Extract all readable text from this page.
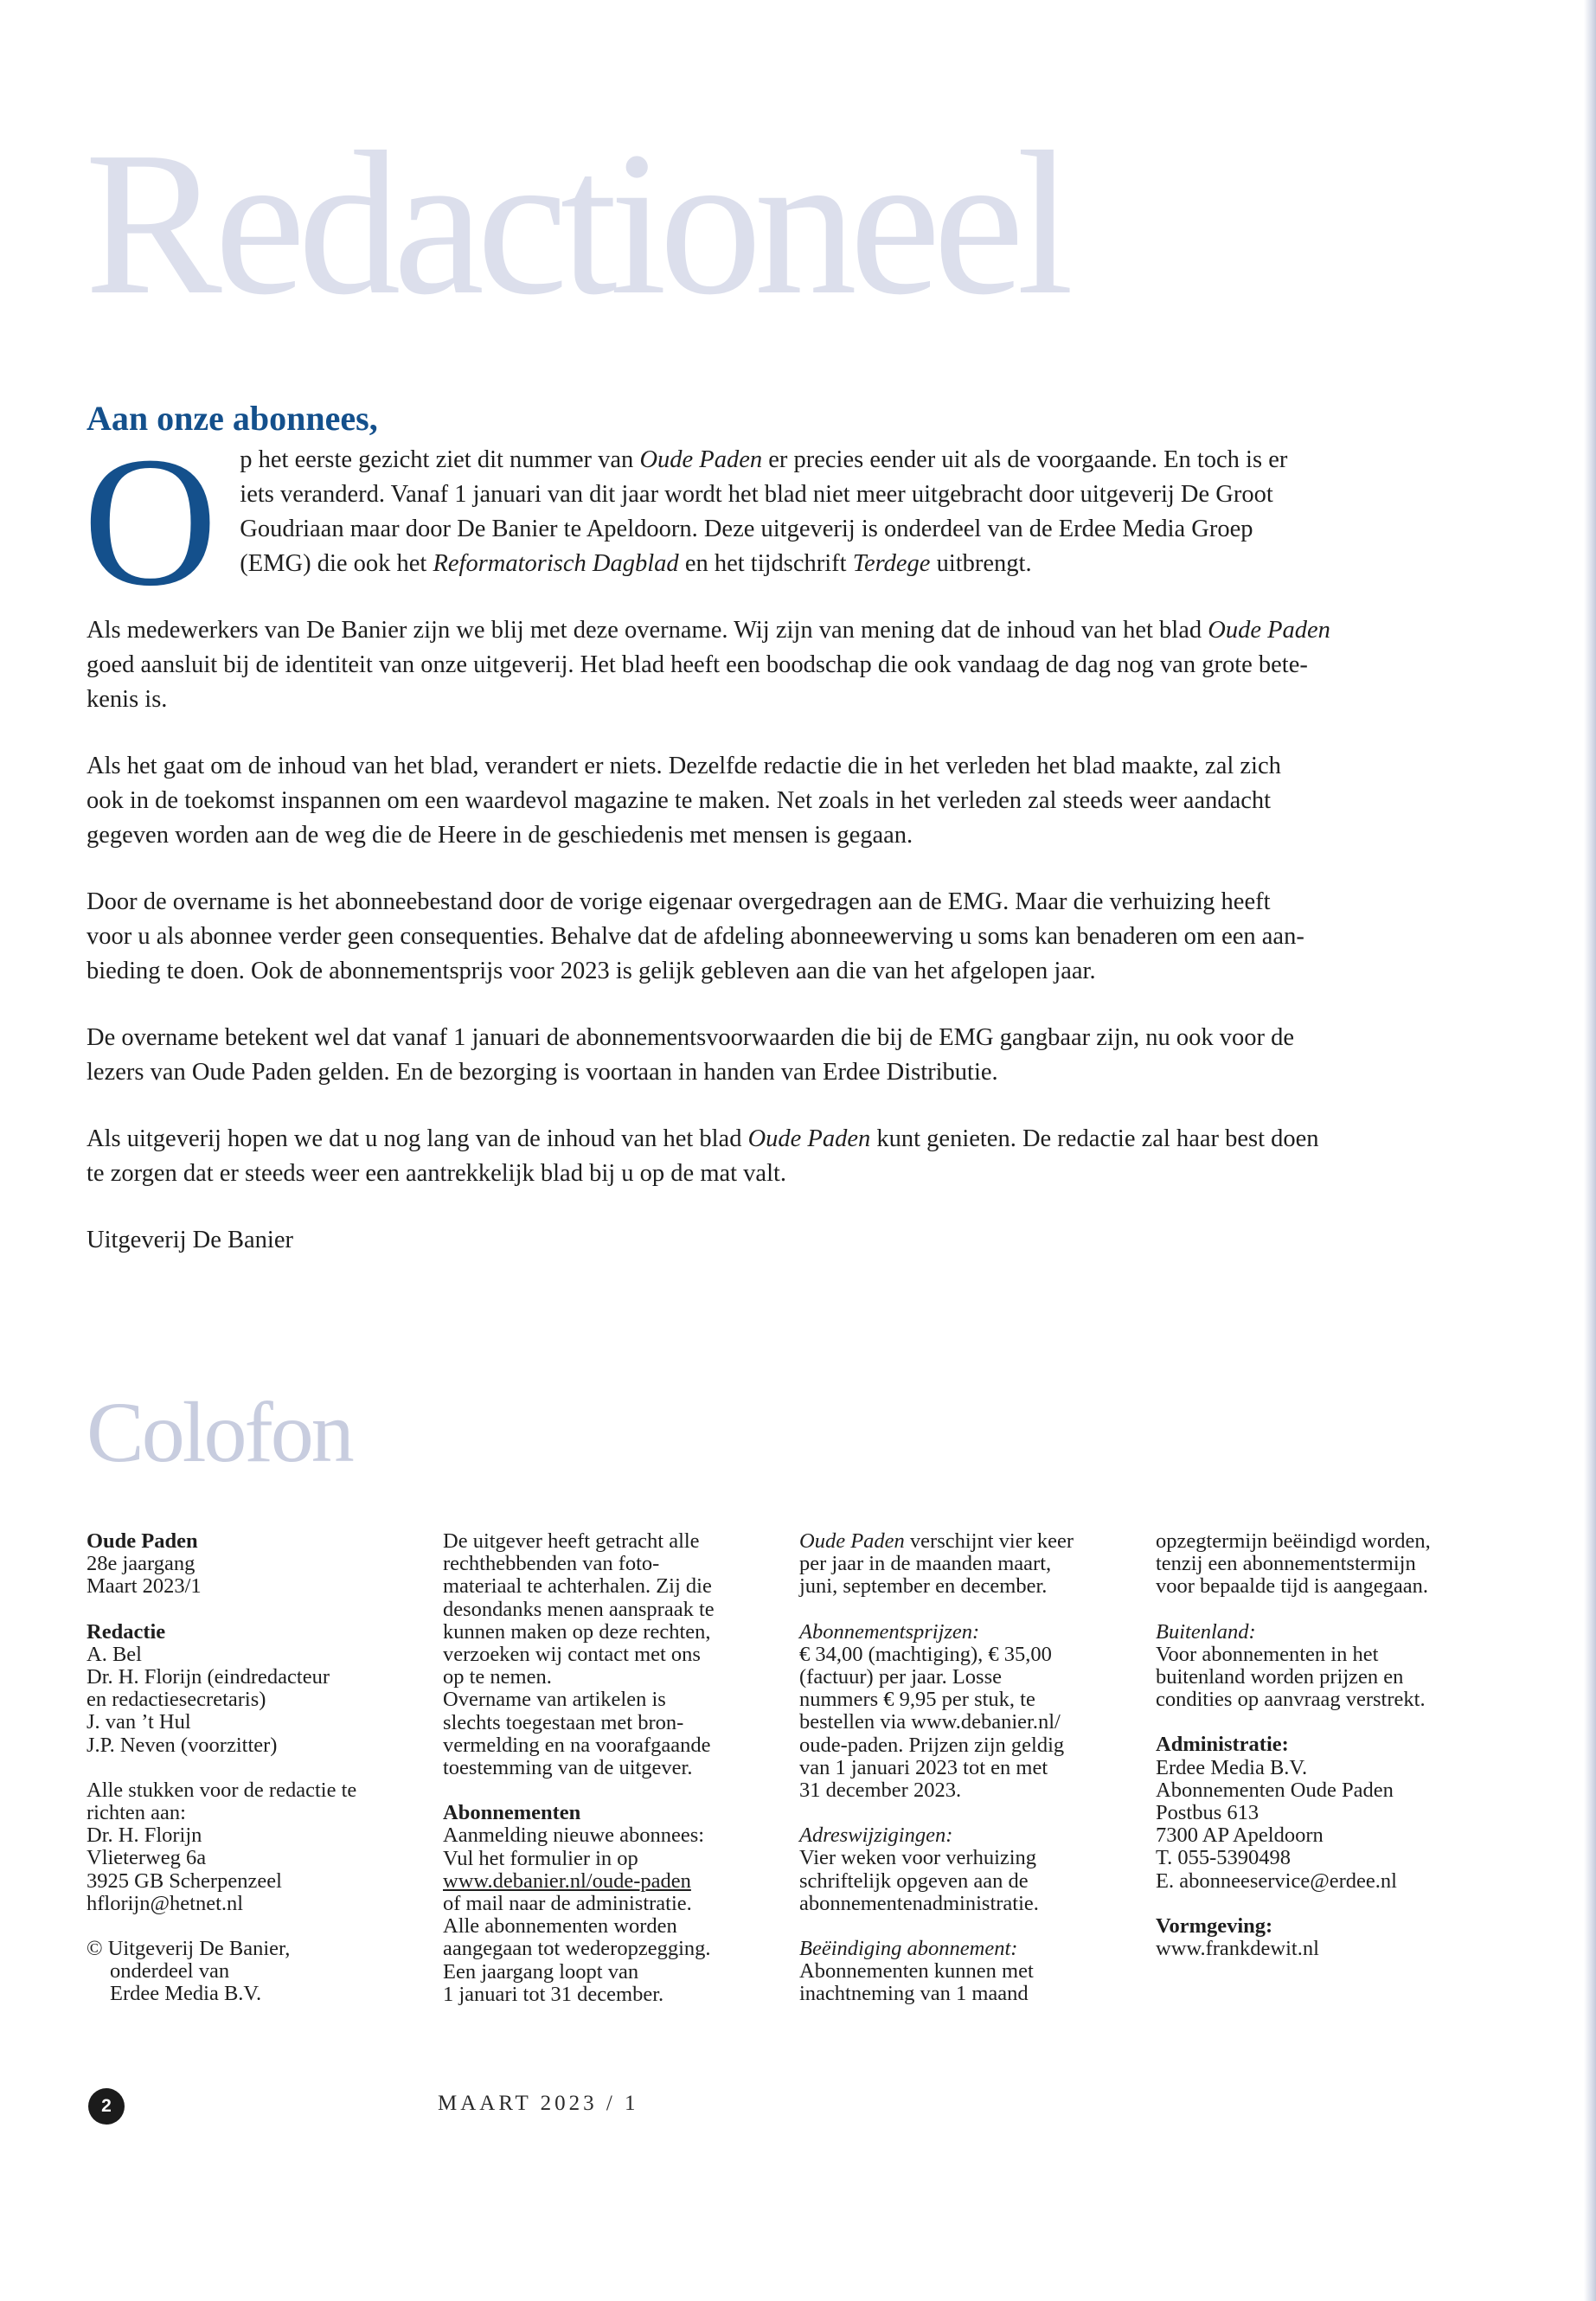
Redactioneel
Aan onze abonnees,

Op het eerste gezicht ziet dit nummer van Oude Paden er precies eender uit als de voorgaande. En toch is er
iets veranderd. Vanaf 1 januari van dit jaar wordt het blad niet meer uitgebracht door uitgeverij De Groot
Goudriaan maar door De Banier te Apeldoorn. Deze uitgeverij is onderdeel van de Erdee Media Groep
(EMG) die ook het Reformatorisch Dagblad en het tijdschrift Terdege uitbrengt.

Als medewerkers van De Banier zijn we blij met deze overname. Wij zijn van mening dat de inhoud van het blad Oude Paden
goed aansluit bij de identiteit van onze uitgeverij. Het blad heeft een boodschap die ook vandaag de dag nog van grote bete-
kenis is.

Als het gaat om de inhoud van het blad, verandert er niets. Dezelfde redactie die in het verleden het blad maakte, zal zich
ook in de toekomst inspannen om een waardevol magazine te maken. Net zoals in het verleden zal steeds weer aandacht
gegeven worden aan de weg die de Heere in de geschiedenis met mensen is gegaan.

Door de overname is het abonneebestand door de vorige eigenaar overgedragen aan de EMG. Maar die verhuizing heeft
voor u als abonnee verder geen consequenties. Behalve dat de afdeling abonneewerving u soms kan benaderen om een aan-
bieding te doen. Ook de abonnementsprijs voor 2023 is gelijk gebleven aan die van het afgelopen jaar.

De overname betekent wel dat vanaf 1 januari de abonnementsvoorwaarden die bij de EMG gangbaar zijn, nu ook voor de
lezers van Oude Paden gelden. En de bezorging is voortaan in handen van Erdee Distributie.

Als uitgeverij hopen we dat u nog lang van de inhoud van het blad Oude Paden kunt genieten. De redactie zal haar best doen
te zorgen dat er steeds weer een aantrekkelijk blad bij u op de mat valt.

Uitgeverij De Banier

Colofon
Oude Paden
28e jaargang
Maart 2023/1
Redactie
A. Bel
Dr. H. Florijn (eindredacteur
en redactiesecretaris)
J. van ’t Hul
J.P. Neven (voorzitter)
Alle stukken voor de redactie te
richten aan:
Dr. H. Florijn
Vlieterweg 6a
3925 GB Scherpenzeel
hflorijn@hetnet.nl
© Uitgeverij De Banier,
onderdeel van
Erdee Media B.V.
De uitgever heeft getracht alle
rechthebbenden van foto-
materiaal te achterhalen. Zij die
desondanks menen aanspraak te
kunnen maken op deze rechten,
verzoeken wij contact met ons
op te nemen.
Overname van artikelen is
slechts toegestaan met bron-
vermelding en na voorafgaande
toestemming van de uitgever.
Abonnementen
Aanmelding nieuwe abonnees:
Vul het formulier in op
www.debanier.nl/oude-paden
of mail naar de administratie.
Alle abonnementen worden
aangegaan tot wederopzegging.
Een jaargang loopt van
1 januari tot 31 december.
Oude Paden verschijnt vier keer
per jaar in de maanden maart,
juni, september en december.
Abonnementsprijzen:
€ 34,00 (machtiging), € 35,00
(factuur) per jaar. Losse
nummers € 9,95 per stuk, te
bestellen via www.debanier.nl/
oude-paden. Prijzen zijn geldig
van 1 januari 2023 tot en met
31 december 2023.
Adreswijzigingen:
Vier weken voor verhuizing
schriftelijk opgeven aan de
abonnementenadministratie.
Beëindiging abonnement:
Abonnementen kunnen met
inachtneming van 1 maand
opzegtermijn beëindigd worden,
tenzij een abonnementstermijn
voor bepaalde tijd is aangegaan.
Buitenland:
Voor abonnementen in het
buitenland worden prijzen en
condities op aanvraag verstrekt.
Administratie:
Erdee Media B.V.
Abonnementen Oude Paden
Postbus 613
7300 AP Apeldoorn
T. 055-5390498
E. abonneeservice@erdee.nl
Vormgeving:
www.frankdewit.nl
2	MAART 2023 / 1
